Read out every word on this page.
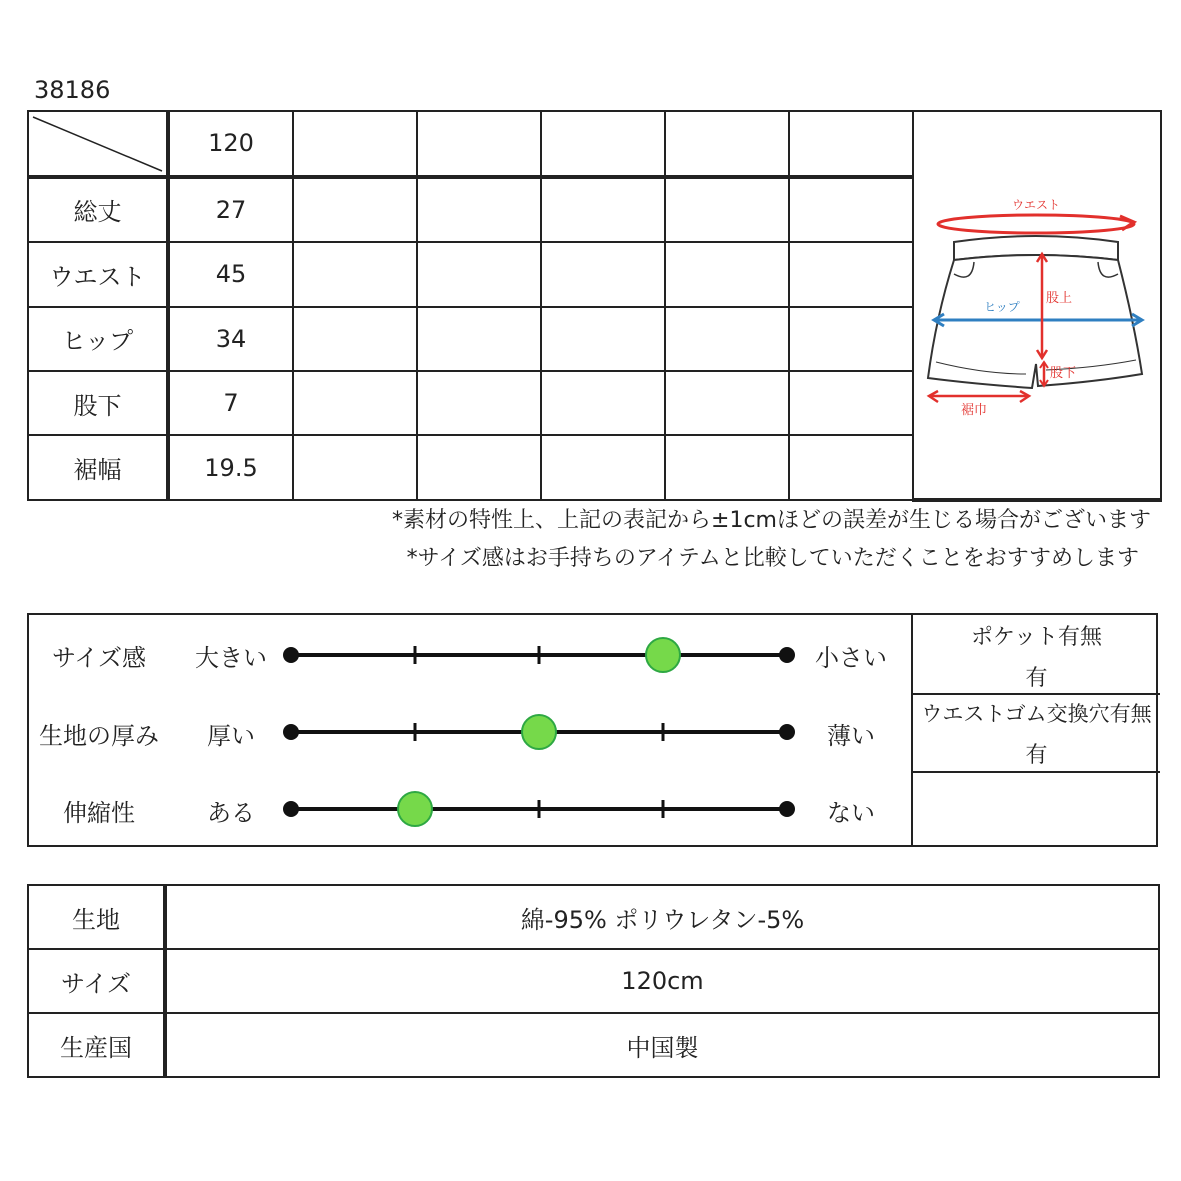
38186
	120						ウエスト
ヒップ
股上
股下
裾巾

総丈	27						
ウエスト	45						
ヒップ	34						
股下	7						
裾幅	19.5						
*素材の特性上、上記の表記から±1cmほどの誤差が生じる場合がございます
*サイズ感はお手持ちのアイテムと比較していただくことをおすすめします
サイズ感	大きい	小さい
生地の厚み	厚い	薄い
伸縮性	ある	ない
ポケット有無
有
ウエストゴム交換穴有無
有
生地	綿-95% ポリウレタン-5%
サイズ	120cm
生産国	中国製
